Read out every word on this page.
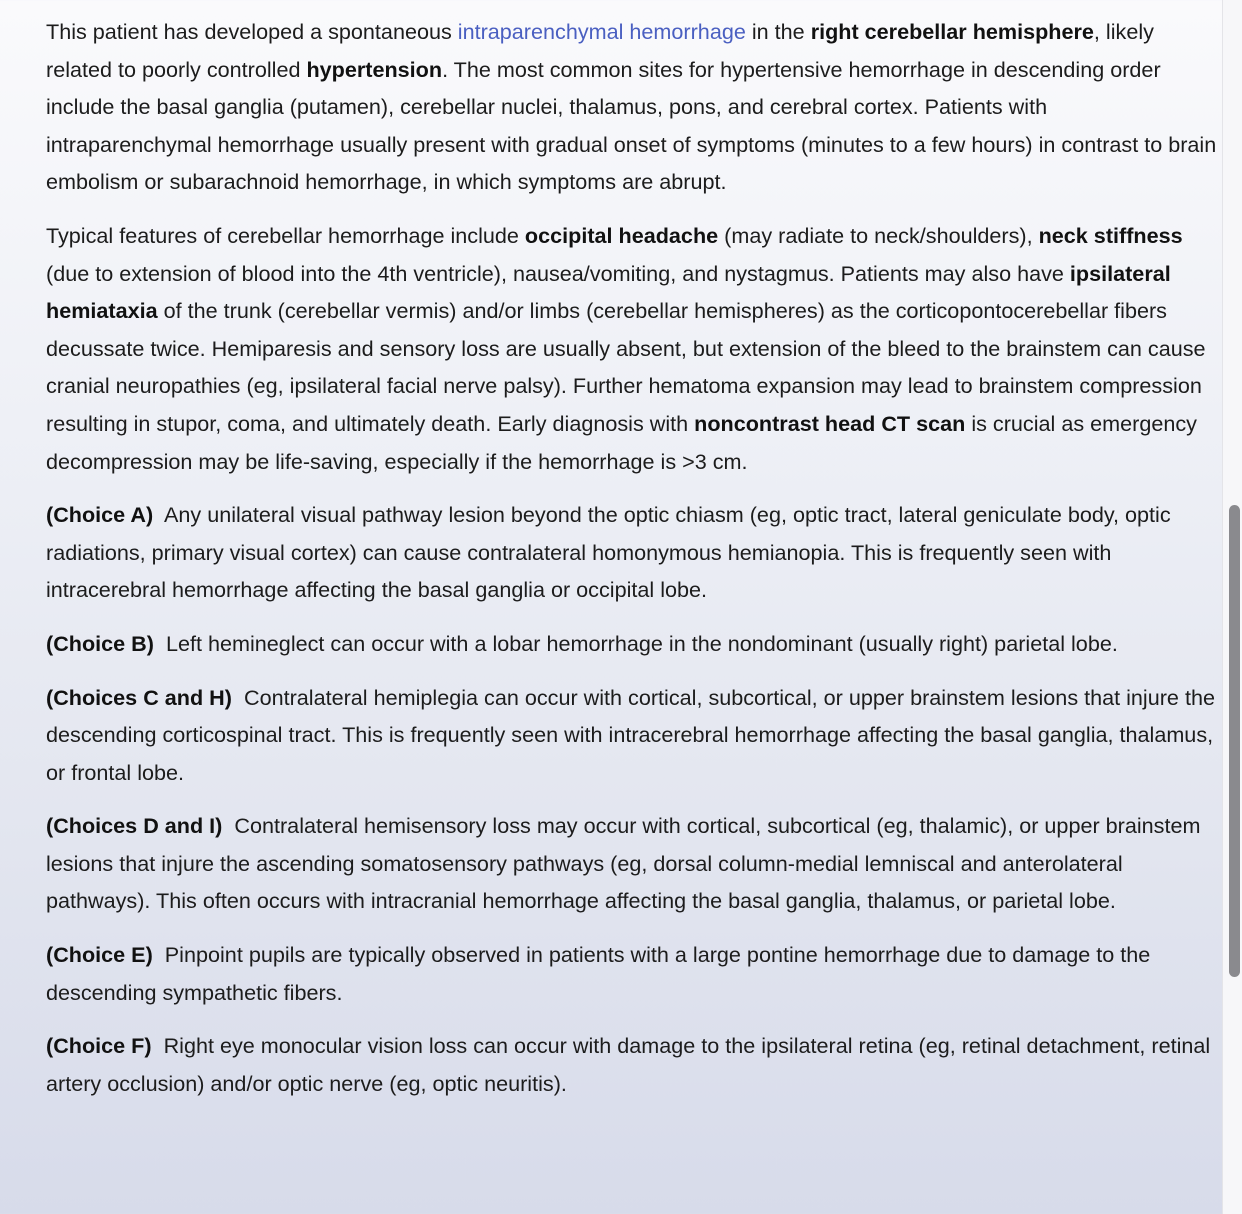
This patient has developed a spontaneous intraparenchymal hemorrhage in the right cerebellar hemisphere, likely related to poorly controlled hypertension. The most common sites for hypertensive hemorrhage in descending order include the basal ganglia (putamen), cerebellar nuclei, thalamus, pons, and cerebral cortex. Patients with intraparenchymal hemorrhage usually present with gradual onset of symptoms (minutes to a few hours) in contrast to brain embolism or subarachnoid hemorrhage, in which symptoms are abrupt.

Typical features of cerebellar hemorrhage include occipital headache (may radiate to neck/shoulders), neck stiffness (due to extension of blood into the 4th ventricle), nausea/vomiting, and nystagmus. Patients may also have ipsilateral hemiataxia of the trunk (cerebellar vermis) and/or limbs (cerebellar hemispheres) as the corticopontocerebellar fibers decussate twice. Hemiparesis and sensory loss are usually absent, but extension of the bleed to the brainstem can cause cranial neuropathies (eg, ipsilateral facial nerve palsy). Further hematoma expansion may lead to brainstem compression resulting in stupor, coma, and ultimately death. Early diagnosis with noncontrast head CT scan is crucial as emergency decompression may be life-saving, especially if the hemorrhage is >3 cm.

(Choice A) Any unilateral visual pathway lesion beyond the optic chiasm (eg, optic tract, lateral geniculate body, optic radiations, primary visual cortex) can cause contralateral homonymous hemianopia. This is frequently seen with intracerebral hemorrhage affecting the basal ganglia or occipital lobe.

(Choice B) Left hemineglect can occur with a lobar hemorrhage in the nondominant (usually right) parietal lobe.

(Choices C and H) Contralateral hemiplegia can occur with cortical, subcortical, or upper brainstem lesions that injure the descending corticospinal tract. This is frequently seen with intracerebral hemorrhage affecting the basal ganglia, thalamus, or frontal lobe.

(Choices D and I) Contralateral hemisensory loss may occur with cortical, subcortical (eg, thalamic), or upper brainstem lesions that injure the ascending somatosensory pathways (eg, dorsal column-medial lemniscal and anterolateral pathways). This often occurs with intracranial hemorrhage affecting the basal ganglia, thalamus, or parietal lobe.

(Choice E) Pinpoint pupils are typically observed in patients with a large pontine hemorrhage due to damage to the descending sympathetic fibers.

(Choice F) Right eye monocular vision loss can occur with damage to the ipsilateral retina (eg, retinal detachment, retinal artery occlusion) and/or optic nerve (eg, optic neuritis).
